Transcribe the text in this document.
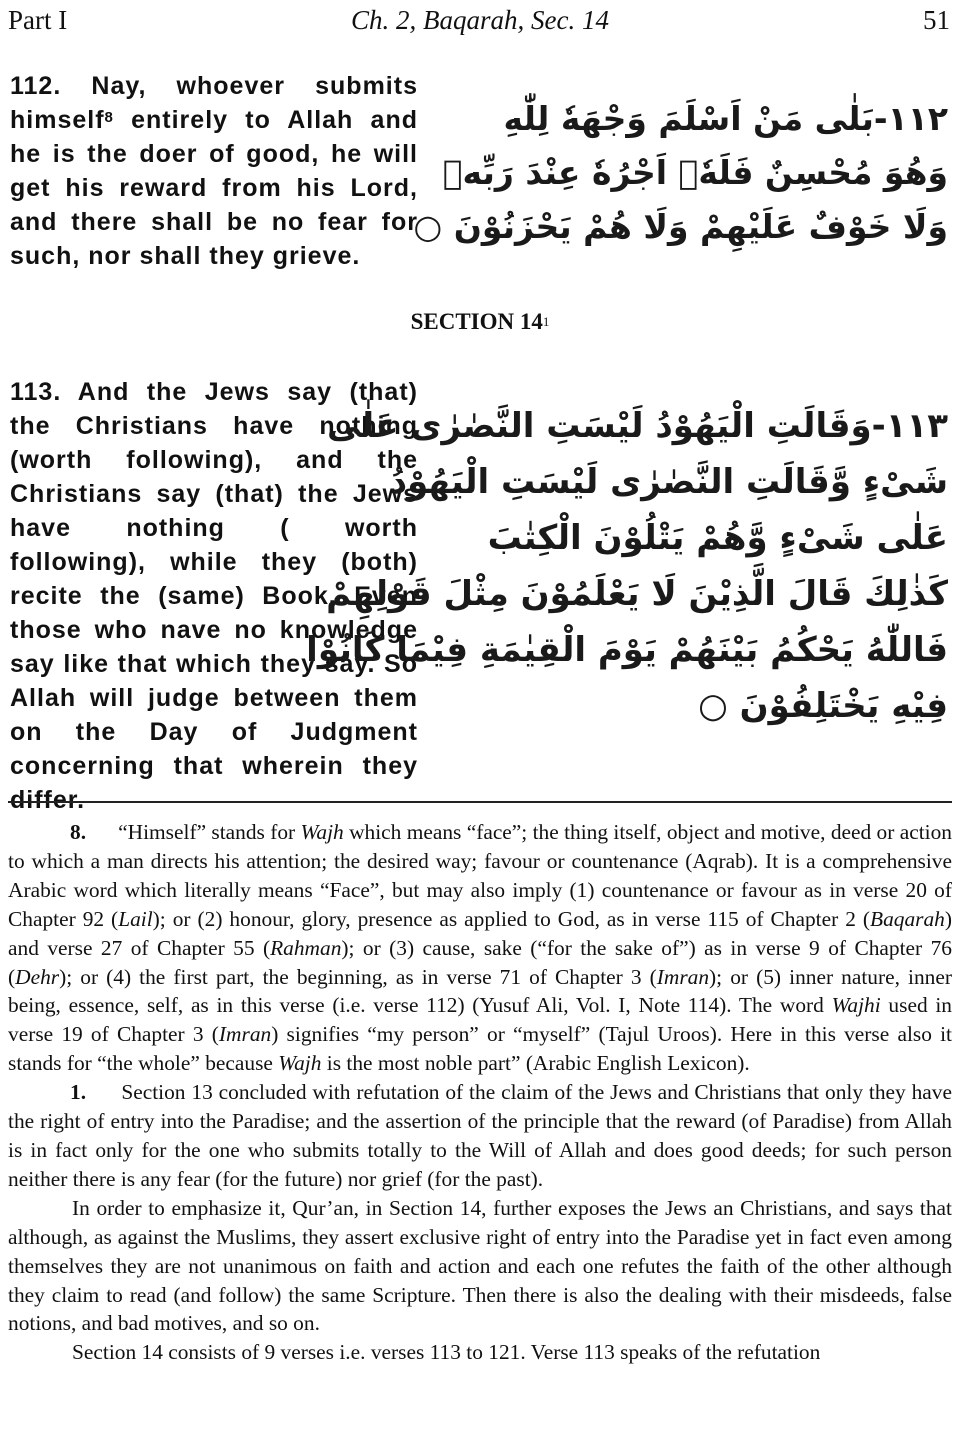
Ch. 2, Baqarah, Sec. 14
Part I	51
112. Nay, whoever submits himself$^8$ entirely to Allah and he is the doer of good, he will get his reward from his Lord, and there shall be no fear for such, nor shall they grieve.
۱۱۲-بَلٰى مَنْ اَسْلَمَ وَجْهَهٗ لِلّٰهِ
وَهُوَ مُحْسِنٌ فَلَهٗۤ اَجْرُهٗ عِنْدَ رَبِّهٖ
وَلَا خَوْفٌ عَلَيْهِمْ وَلَا هُمْ يَحْزَنُوْنَ ○
SECTION $14^1$
113. And the Jews say (that) the Christians have nothing (worth following), and the Christians say (that) the Jews have nothing ( worth following), while they (both) recite the (same) Book. Even those who nave no knowledge say like that which they say. So Allah will judge between them on the Day of Judgment concerning that wherein they differ.
۱۱۳-وَقَالَتِ الْيَهُوْدُ لَيْسَتِ النَّصٰرٰى عَلٰى
شَیْءٍ وَّقَالَتِ النَّصٰرٰى لَيْسَتِ الْيَهُوْدُ
عَلٰى شَیْءٍ وَّهُمْ يَتْلُوْنَ الْكِتٰبَ
كَذٰلِكَ قَالَ الَّذِيْنَ لَا يَعْلَمُوْنَ مِثْلَ قَوْلِهِمْ
فَاللّٰهُ يَحْكُمُ بَيْنَهُمْ يَوْمَ الْقِيٰمَةِ فِيْمَا كَانُوْا
فِيْهِ يَخْتَلِفُوْنَ ○

8. “Himself” stands for Wajh which means “face”; the thing itself, object and motive, deed or action to which a man directs his attention; the desired way; favour or countenance (Aqrab). It is a comprehensive Arabic word which literally means “Face”, but may also imply (1) countenance or favour as in verse 20 of Chapter 92 (Lail); or (2) honour, glory, presence as applied to God, as in verse 115 of Chapter 2 (Baqarah) and verse 27 of Chapter 55 (Rahman); or (3) cause, sake (“for the sake of”) as in verse 9 of Chapter 76 (Dehr); or (4) the first part, the beginning, as in verse 71 of Chapter 3 (Imran); or (5) inner nature, inner being, essence, self, as in this verse (i.e. verse 112) (Yusuf Ali, Vol. I, Note 114). The word Wajhi used in verse 19 of Chapter 3 (Imran) signifies “my person” or “myself” (Tajul Uroos). Here in this verse also it stands for “the whole” because Wajh is the most noble part” (Arabic English Lexicon).

1. Section 13 concluded with refutation of the claim of the Jews and Christians that only they have the right of entry into the Paradise; and the assertion of the principle that the reward (of Paradise) from Allah is in fact only for the one who submits totally to the Will of Allah and does good deeds; for such person neither there is any fear (for the future) nor grief (for the past).

In order to emphasize it, Qur’an, in Section 14, further exposes the Jews an Christians, and says that although, as against the Muslims, they assert exclusive right of entry into the Paradise yet in fact even among themselves they are not unanimous on faith and action and each one refutes the faith of the other although they claim to read (and follow) the same Scripture. Then there is also the dealing with their misdeeds, false notions, and bad motives, and so on.

Section 14 consists of 9 verses i.e. verses 113 to 121. Verse 113 speaks of the refutation
